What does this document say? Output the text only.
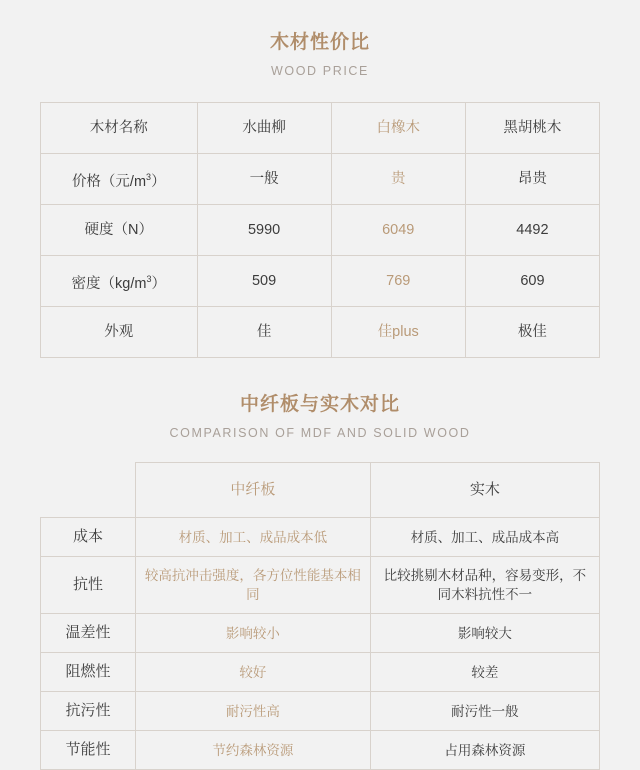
木材性价比
WOOD PRICE
木材名称	水曲柳	白橡木	黑胡桃木
价格（元$/m^3$）	一般	贵	昂贵
硬度（N）	5990	6049	4492
密度$(kg/m^3)$	509	769	609
外观	佳	佳plus	极佳
中纤板与实木对比
COMPARISON OF MDF AND SOLID WOOD
	中纤板	实木
成本	材质、加工、成品成本低	材质、加工、成品成本高
抗性	较高抗冲击强度，各方位性能基本相同	比较挑剔木材品种，容易变形，不同木料抗性不一
温差性	影响较小	影响较大
阻燃性	较好	较差
抗污性	耐污性高	耐污性一般
节能性	节约森林资源	占用森林资源
